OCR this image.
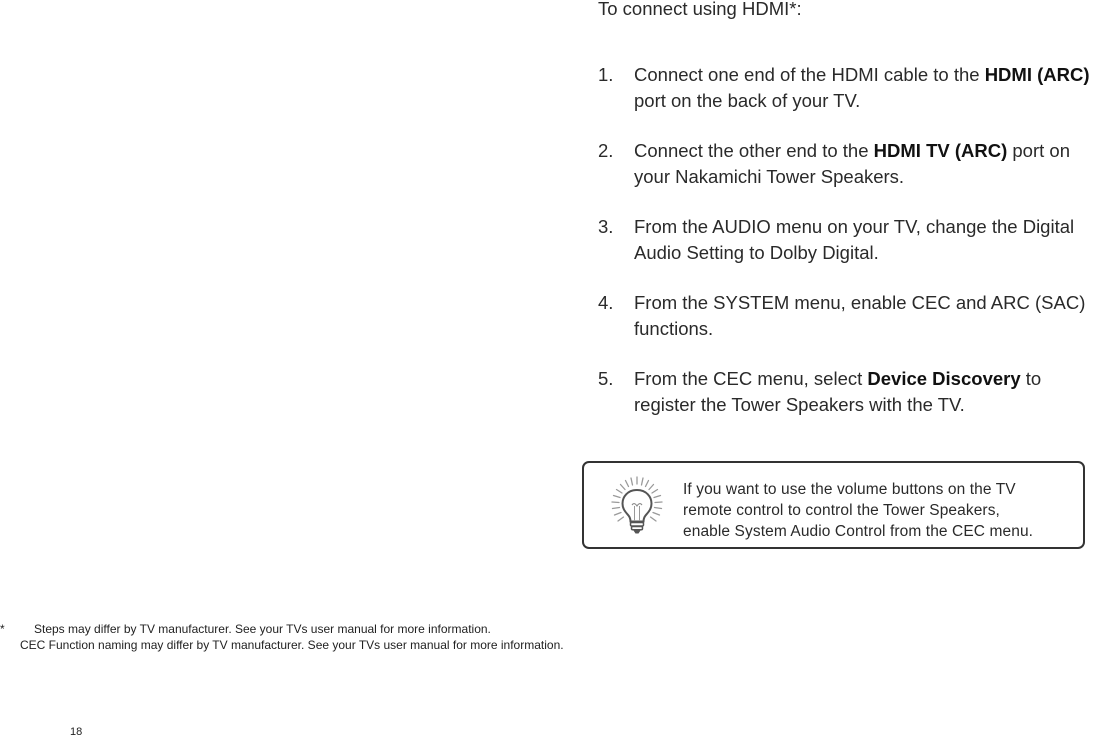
To connect using HDMI*:
1. Connect one end of the HDMI cable to the HDMI (ARC) port on the back of your TV.
2. Connect the other end to the HDMI TV (ARC) port on your Nakamichi Tower Speakers.
3. From the AUDIO menu on your TV, change the Digital Audio Setting to Dolby Digital.
4. From the SYSTEM menu, enable CEC and ARC (SAC) functions.
5. From the CEC menu, select Device Discovery to register the Tower Speakers with the TV.
If you want to use the volume buttons on the TV
remote control to control the Tower Speakers,
enable System Audio Control from the CEC menu.
* Steps may differ by TV manufacturer. See your TVs user manual for more information.
CEC Function naming may differ by TV manufacturer. See your TVs user manual for more information.
18
